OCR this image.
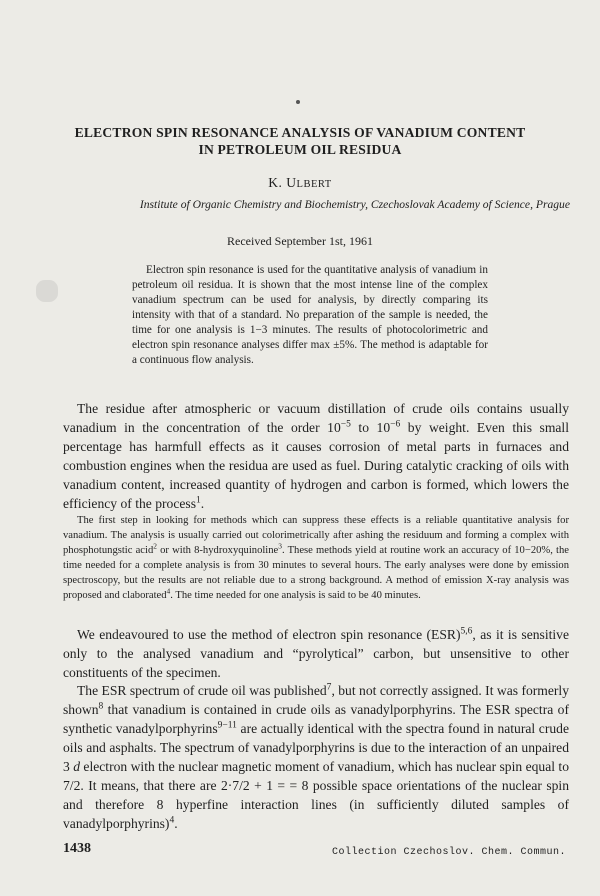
ELECTRON SPIN RESONANCE ANALYSIS OF VANADIUM CONTENT
IN PETROLEUM OIL RESIDUA
K. ULBERT
Institute of Organic Chemistry and Biochemistry, Czechoslovak Academy of Science, Prague
Received September 1st, 1961
Electron spin resonance is used for the quantitative analysis of vanadium in petroleum oil residua. It is shown that the most intense line of the complex vanadium spectrum can be used for analysis, by directly comparing its intensity with that of a standard. No preparation of the sample is needed, the time for one analysis is 1−3 minutes. The results of photocolorimetric and electron spin resonance analyses differ max ±5%. The method is adaptable for a continuous flow analysis.
The residue after atmospheric or vacuum distillation of crude oils contains usually vanadium in the concentration of the order $10^{-5}$ to $10^{-6}$ by weight. Even this small percentage has harmfull effects as it causes corrosion of metal parts in furnaces and combustion engines when the residua are used as fuel. During catalytic cracking of oils with vanadium content, increased quantity of hydrogen and carbon is formed, which lowers the efficiency of the process$^1$.
The first step in looking for methods which can suppress these effects is a reliable quantitative analysis for vanadium. The analysis is usually carried out colorimetrically after ashing the residuum and forming a complex with phosphotungstic acid$^2$ or with 8-hydroxyquinoline$^3$. These methods yield at routine work an accuracy of 10−20%, the time needed for a complete analysis is from 30 minutes to several hours. The early analyses were done by emission spectroscopy, but the results are not reliable due to a strong background. A method of emission X-ray analysis was proposed and claborated$^4$. The time needed for one analysis is said to be 40 minutes.
We endeavoured to use the method of electron spin resonance (ESR)$^{5,6}$, as it is sensitive only to the analysed vanadium and “pyrolytical” carbon, but unsensitive to other constituents of the specimen.
The ESR spectrum of crude oil was published$^7$, but not correctly assigned. It was formerly shown$^8$ that vanadium is contained in crude oils as vanadylporphyrins. The ESR spectra of synthetic vanadylporphyrins$^{9-11}$ are actually identical with the spectra found in natural crude oils and asphalts. The spectrum of vanadylporphyrins is due to the interaction of an unpaired 3 d electron with the nuclear magnetic moment of vanadium, which has nuclear spin equal to 7/2. It means, that there are 2·7/2 + 1 = = 8 possible space orientations of the nuclear spin and therefore 8 hyperfine interaction lines (in sufficiently diluted samples of vanadylporphyrins)$^4$.
1438	Collection Czechoslov. Chem. Commun.
